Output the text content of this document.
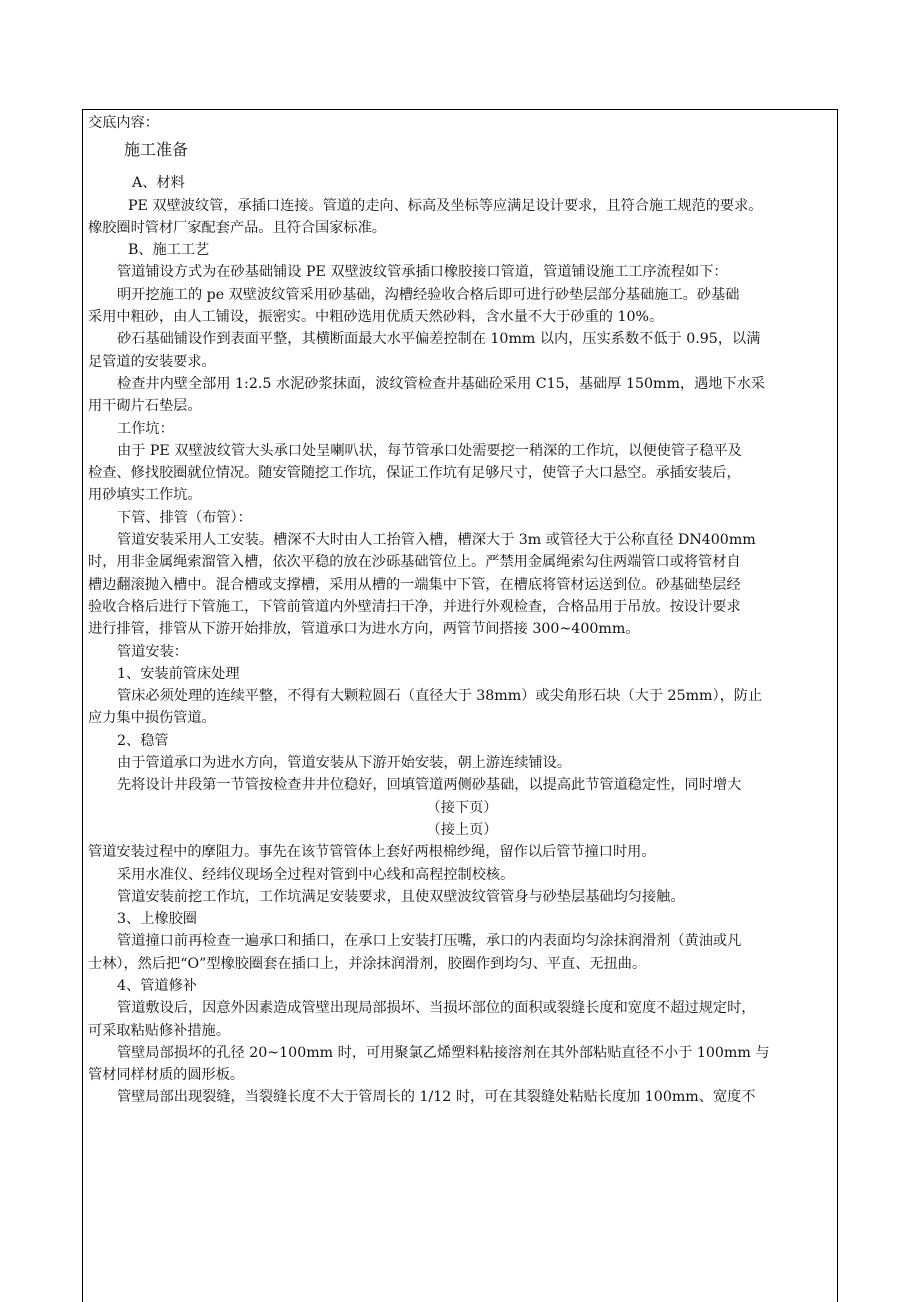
交底内容：
施工准备
A、材料
PE 双壁波纹管，承插口连接。管道的走向、标高及坐标等应满足设计要求，且符合施工规范的要求。
橡胶圈时管材厂家配套产品。且符合国家标准。
B、施工工艺
管道铺设方式为在砂基础铺设 PE 双壁波纹管承插口橡胶接口管道，管道铺设施工工序流程如下：
明开挖施工的 pe 双壁波纹管采用砂基础，沟槽经验收合格后即可进行砂垫层部分基础施工。砂基础
采用中粗砂，由人工铺设，振密实。中粗砂选用优质天然砂料，含水量不大于砂重的 10%。
砂石基础铺设作到表面平整，其横断面最大水平偏差控制在 10mm 以内，压实系数不低于 0.95，以满
足管道的安装要求。
检查井内壁全部用 1:2.5 水泥砂浆抹面，波纹管检查井基础砼采用 C15，基础厚 150mm，遇地下水采
用干砌片石垫层。
工作坑：
由于 PE 双壁波纹管大头承口处呈喇叭状，每节管承口处需要挖一稍深的工作坑，以便使管子稳平及
检查、修找胶圈就位情况。随安管随挖工作坑，保证工作坑有足够尺寸，使管子大口悬空。承插安装后，
用砂填实工作坑。
下管、排管（布管）：
管道安装采用人工安装。槽深不大时由人工抬管入槽，槽深大于 3m 或管径大于公称直径 DN400mm
时，用非金属绳索溜管入槽，依次平稳的放在沙砾基础管位上。严禁用金属绳索勾住两端管口或将管材自
槽边翻滚抛入槽中。混合槽或支撑槽，采用从槽的一端集中下管，在槽底将管材运送到位。砂基础垫层经
验收合格后进行下管施工，下管前管道内外壁清扫干净，并进行外观检查，合格品用于吊放。按设计要求
进行排管，排管从下游开始排放，管道承口为进水方向，两管节间搭接 300~400mm。
管道安装：
1、安装前管床处理
管床必须处理的连续平整，不得有大颗粒圆石（直径大于 38mm）或尖角形石块（大于 25mm），防止
应力集中损伤管道。
2、稳管
由于管道承口为进水方向，管道安装从下游开始安装，朝上游连续铺设。
先将设计井段第一节管按检查井井位稳好，回填管道两侧砂基础，以提高此节管道稳定性，同时增大
（接下页）
（接上页）
管道安装过程中的摩阻力。事先在该节管管体上套好两根棉纱绳，留作以后管节撞口时用。
采用水准仪、经纬仪现场全过程对管到中心线和高程控制校核。
管道安装前挖工作坑，工作坑满足安装要求，且使双壁波纹管管身与砂垫层基础均匀接触。
3、上橡胶圈
管道撞口前再检查一遍承口和插口，在承口上安装打压嘴，承口的内表面均匀涂抹润滑剂（黄油或凡
士林），然后把“O”型橡胶圈套在插口上，并涂抹润滑剂，胶圈作到均匀、平直、无扭曲。
4、管道修补
管道敷设后，因意外因素造成管壁出现局部损坏、当损坏部位的面积或裂缝长度和宽度不超过规定时，
可采取粘贴修补措施。
管壁局部损坏的孔径 20~100mm 时，可用聚氯乙烯塑料粘接溶剂在其外部粘贴直径不小于 100mm 与
管材同样材质的圆形板。
管壁局部出现裂缝，当裂缝长度不大于管周长的 1/12 时，可在其裂缝处粘贴长度加 100mm、宽度不
